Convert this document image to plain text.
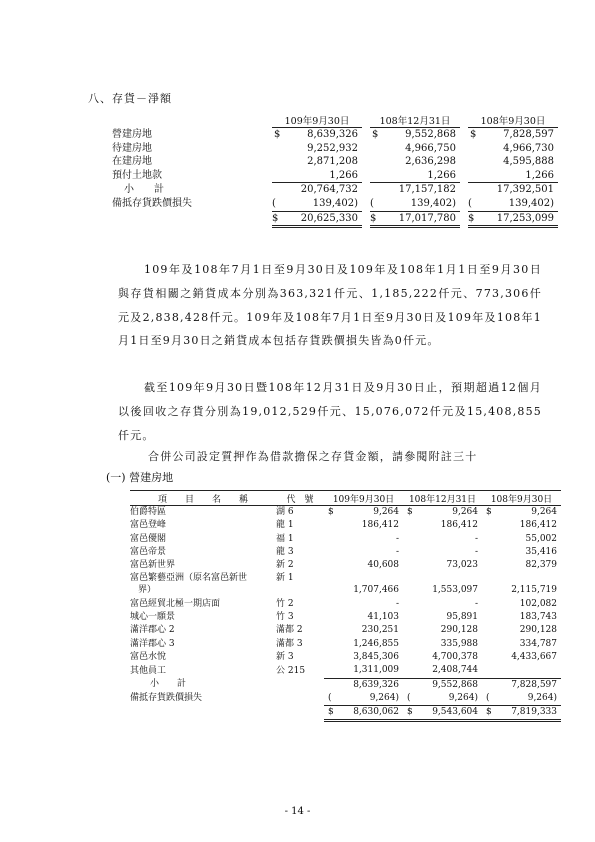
八、存貨－淨額
	109年9月30日		108年12月31日		108年9月30日
營建房地	$ 8,639,326		$ 9,552,868		$ 7,828,597
待建房地	9,252,932		4,966,750		4,966,730
在建房地	2,871,208		2,636,298		4,595,888
預付土地款	1,266		1,266		1,266
小　　計	20,764,732		17,157,182		17,392,501
備抵存貨跌價損失	( 139,402)		( 139,402)		( 139,402)

	$ 20,625,330		$ 17,017,780		$ 17,253,099
109年及108年7月1日至9月30日及109年及108年1月1日至9月30日與存貨相關之銷貨成本分別為363,321仟元、1,185,222仟元、773,306仟元及2,838,428仟元。109年及108年7月1日至9月30日及109年及108年1月1日至9月30日之銷貨成本包括存貨跌價損失皆為0仟元。
截至109年9月30日暨108年12月31日及9月30日止，預期超過12個月以後回收之存貨分別為19,012,529仟元、15,076,072仟元及15,408,855仟元。
合併公司設定質押作為借款擔保之存貨金額，請參閱附註三十
(一) 營建房地
項　　目　　名　　稱	代　號	109年9月30日	108年12月31日	108年9月30日
伯爵特區	湖 6	$ 9,264	$ 9,264	$ 9,264
富邑登峰	龍 1	186,412	186,412	186,412
富邑優閣	福 1	-	-	55,002
富邑帝景	龍 3	-	-	35,416
富邑新世界	新 2	40,608	73,023	82,379
富邑繁藝亞洲（原名富邑新世	新 1			
界）		1,707,466	1,553,097	2,115,719
富邑經貿北極一期店面	竹 2	-	-	102,082
城心一願景	竹 3	41,103	95,891	183,743
滿洋郡心 2	滿都 2	230,251	290,128	290,128
滿洋郡心 3	滿都 3	1,246,855	335,988	334,787
富邑水悅	新 3	3,845,306	4,700,378	4,433,667
其他員工	公 215	1,311,009	2,408,744	
小　　計		8,639,326	9,552,868	7,828,597
備抵存貨跌價損失		( 9,264)	( 9,264)	( 9,264)

		$ 8,630,062	$ 9,543,604	$ 7,819,333
- 14 -
